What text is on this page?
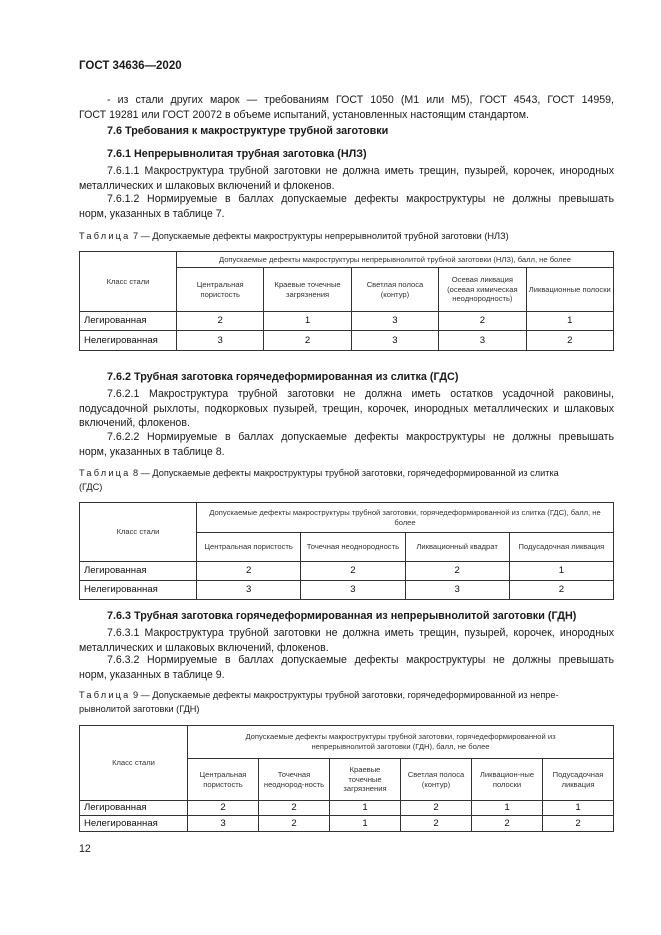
ГОСТ 34636—2020
- из стали других марок — требованиям ГОСТ 1050 (М1 или М5), ГОСТ 4543, ГОСТ 14959,
ГОСТ 19281 или ГОСТ 20072 в объеме испытаний, установленных настоящим стандартом.
7.6 Требования к макроструктуре трубной заготовки
7.6.1 Непрерывнолитая трубная заготовка (НЛЗ)
7.6.1.1 Макроструктура трубной заготовки не должна иметь трещин, пузырей, корочек, инородных
металлических и шлаковых включений и флокенов.
7.6.1.2 Нормируемые в баллах допускаемые дефекты макроструктуры не должны превышать
норм, указанных в таблице 7.
Таблица 7 — Допускаемые дефекты макроструктуры непрерывнолитой трубной заготовки (НЛЗ)
Класс стали	Допускаемые дефекты макроструктуры непрерывнолитой трубной заготовки (НЛЗ), балл, не более				
	Центральная пористость	Краевые точечные загрязнения	Светлая полоса (контур)	Осевая ликвация (осевая химическая неоднородность)	Ликвационные полоски
Легированная	2	1	3	2	1
Нелегированная	3	2	3	3	2
7.6.2 Трубная заготовка горячедеформированная из слитка (ГДС)
7.6.2.1 Макроструктура трубной заготовки не должна иметь остатков усадочной раковины,
подусадочной рыхлоты, подкорковых пузырей, трещин, корочек, инородных металлических и шлаковых
включений, флокенов.
7.6.2.2 Нормируемые в баллах допускаемые дефекты макроструктуры не должны превышать
норм, указанных в таблице 8.
Таблица 8 — Допускаемые дефекты макроструктуры трубной заготовки, горячедеформированной из слитка
(ГДС)
Класс стали	Допускаемые дефекты макроструктуры трубной заготовки, горячедеформированной из слитка (ГДС), балл, не более			
	Центральная пористость	Точечная неоднородность	Ликвационный квадрат	Подусадочная ликвация
Легированная	2	2	2	1
Нелегированная	3	3	3	2
7.6.3 Трубная заготовка горячедеформированная из непрерывнолитой заготовки (ГДН)
7.6.3.1 Макроструктура трубной заготовки не должна иметь трещин, пузырей, корочек, инородных
металлических и шлаковых включений, флокенов.
7.6.3.2 Нормируемые в баллах допускаемые дефекты макроструктуры не должны превышать
норм, указанных в таблице 9.
Таблица 9 — Допускаемые дефекты макроструктуры трубной заготовки, горячедеформированной из непре-
рывнолитой заготовки (ГДН)
Класс стали	Допускаемые дефекты макроструктуры трубной заготовки, горячедеформированной из непрерывнолитой заготовки (ГДН), балл, не более					
	Центральная пористость	Точечная неоднород-ность	Краевые точечные загрязнения	Светлая полоса (контур)	Ликвацион-ные полоски	Подусадочная ликвация
Легированная	2	2	1	2	1	1
Нелегированная	3	2	1	2	2	2
12
